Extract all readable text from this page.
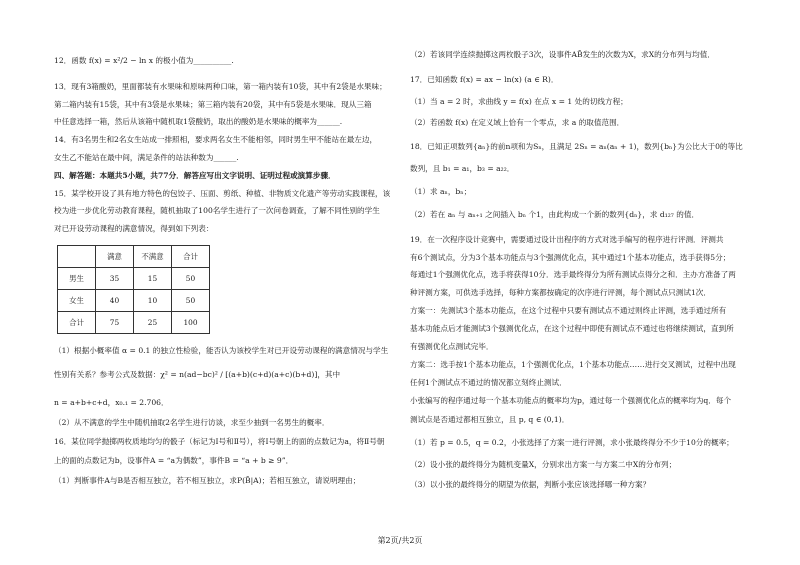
12．函数 f(x) = x²/2 − ln x 的极小值为__________.
13．现有3箱酸奶，里面都装有水果味和原味两种口味，第一箱内装有10袋，其中有2袋是水果味；
第二箱内装有15袋，其中有3袋是水果味；第三箱内装有20袋，其中有5袋是水果味．现从三箱
中任意选择一箱，然后从该箱中随机取1袋酸奶，取出的酸奶是水果味的概率为______.
14．有3名男生和2名女生站成一排照相，要求两名女生不能相邻，同时男生甲不能站在最左边，
女生乙不能站在最中间，满足条件的站法种数为______.
四、解答题：本题共5小题，共77分．解答应写出文字说明、证明过程或演算步骤．
15．某学校开设了具有地方特色的包饺子、压面、剪纸、种植、非物质文化遗产等劳动实践课程，该
校为进一步优化劳动教育课程，随机抽取了100名学生进行了一次问卷调查，了解不同性别的学生
对已开设劳动课程的满意情况，得到如下列表：
	满意	不满意	合计
男生	35	15	50
女生	40	10	50
合计	75	25	100
（1）根据小概率值 α = 0.1 的独立性检验，能否认为该校学生对已开设劳动课程的满意情况与学生
性别有关系？参考公式及数据：χ² = n(ad−bc)² / [(a+b)(c+d)(a+c)(b+d)]，其中
n = a+b+c+d，x₀.₁ = 2.706．
（2）从不满意的学生中随机抽取2名学生进行访谈，求至少抽到一名男生的概率．
16．某位同学抛掷两枚质地均匀的骰子（标记为Ⅰ号和Ⅱ号），将Ⅰ号朝上的面的点数记为a，将Ⅱ号朝
上的面的点数记为b，设事件A = “a为偶数”，事件B = “a + b ≥ 9”．
（1）判断事件A与B是否相互独立，若不相互独立，求P(B̄|A)；若相互独立，请说明理由；
（2）若该同学连续抛掷这两枚骰子3次，设事件AB̄发生的次数为X，求X的分布列与均值．
17．已知函数 f(x) = ax − ln(x) (a ∈ R)．
（1）当 a = 2 时，求曲线 y = f(x) 在点 x = 1 处的切线方程；
（2）若函数 f(x) 在定义域上恰有一个零点，求 a 的取值范围．
18．已知正项数列{aₙ}的前n项和为Sₙ，且满足 2Sₙ = aₙ(aₙ + 1)，数列{bₙ}为公比大于0的等比
数列，且 b₁ = a₁，b₃ = a₂₂．
（1）求 aₙ，bₙ；
（2）若在 aₙ 与 aₙ₊₁ 之间插入 bₙ 个1，由此构成一个新的数列{dₙ}，求 d₁₂₇ 的值．
19．在一次程序设计竞赛中，需要通过设计出程序的方式对选手编写的程序进行评测．评测共
有6个测试点，分为3个基本功能点与3个强测优化点，其中通过1个基本功能点，选手获得5分；
每通过1个强测优化点，选手将获得10分．选手最终得分为所有测试点得分之和．主办方准备了两
种评测方案，可供选手选择，每种方案都按确定的次序进行评测，每个测试点只测试1次．
方案一：先测试3个基本功能点，在这个过程中只要有测试点不通过则终止评测，选手通过所有
基本功能点后才能测试3个强测优化点，在这个过程中即使有测试点不通过也将继续测试，直到所
有强测优化点测试完毕．
方案二：选手按1个基本功能点，1个强测优化点，1个基本功能点……进行交叉测试，过程中出现
任何1个测试点不通过的情况都立刻终止测试．
小张编写的程序通过每一个基本功能点的概率均为p，通过每一个强测优化点的概率均为q．每个
测试点是否通过都相互独立，且 p, q ∈ (0,1)．
（1）若 p = 0.5，q = 0.2，小张选择了方案一进行评测，求小张最终得分不少于10分的概率；
（2）设小张的最终得分为随机变量X，分别求出方案一与方案二中X的分布列；
（3）以小张的最终得分的期望为依据，判断小张应该选择哪一种方案？
第2页/共2页
